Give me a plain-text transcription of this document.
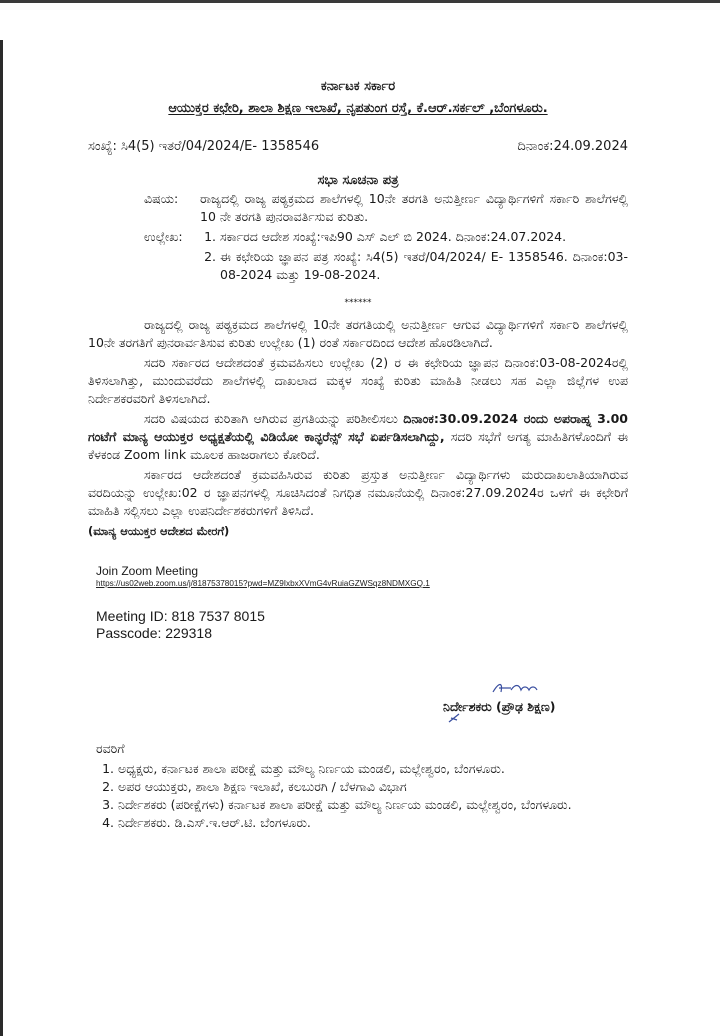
ಕರ್ನಾಟಕ ಸರ್ಕಾರ
ಆಯುಕ್ತರ ಕಛೇರಿ, ಶಾಲಾ ಶಿಕ್ಷಣ ಇಲಾಖೆ, ನೃಪತುಂಗ ರಸ್ತೆ, ಕೆ.ಆರ್.ಸರ್ಕಲ್ ,ಬೆಂಗಳೂರು.
ಸಂಖ್ಯೆ: ಸಿ4(5) ಇತರೆ/04/2024/E- 1358546	ದಿನಾಂಕ:24.09.2024
ಸಭಾ ಸೂಚನಾ ಪತ್ರ
ವಿಷಯ:	ರಾಜ್ಯದಲ್ಲಿ ರಾಜ್ಯ ಪಠ್ಯಕ್ರಮದ ಶಾಲೆಗಳಲ್ಲಿ 10ನೇ ತರಗತಿ ಅನುತ್ತೀರ್ಣ ವಿದ್ಯಾರ್ಥಿಗಳಿಗೆ ಸರ್ಕಾರಿ ಶಾಲೆಗಳಲ್ಲಿ 10 ನೇ ತರಗತಿ ಪುನರಾವರ್ತಿಸುವ ಕುರಿತು.
ಉಲ್ಲೇಖ:	1. ಸರ್ಕಾರದ ಆದೇಶ ಸಂಖ್ಯೆ:ಇಪಿ90 ಎಸ್ ಎಲ್ ಬಿ 2024. ದಿನಾಂಕ:24.07.2024.
2. ಈ ಕಛೇರಿಯ ಜ್ಞಾಪನ ಪತ್ರ ಸಂಖ್ಯೆ: ಸಿ4(5) ಇತರೆ/04/2024/ E- 1358546. ದಿನಾಂಕ:03-08-2024 ಮತ್ತು 19-08-2024.
******

ರಾಜ್ಯದಲ್ಲಿ ರಾಜ್ಯ ಪಠ್ಯಕ್ರಮದ ಶಾಲೆಗಳಲ್ಲಿ 10ನೇ ತರಗತಿಯಲ್ಲಿ ಅನುತ್ತೀರ್ಣ ಆಗುವ ವಿದ್ಯಾರ್ಥಿಗಳಿಗೆ ಸರ್ಕಾರಿ ಶಾಲೆಗಳಲ್ಲಿ 10ನೇ ತರಗತಿಗೆ ಪುನರಾರ್ವತಿಸುವ ಕುರಿತು ಉಲ್ಲೇಖ (1) ರಂತೆ ಸರ್ಕಾರದಿಂದ ಆದೇಶ ಹೊರಡಿಲಾಗಿದೆ.

ಸದರಿ ಸರ್ಕಾರದ ಆದೇಶದಂತೆ ಕ್ರಮವಹಿಸಲು ಉಲ್ಲೇಖ (2) ರ ಈ ಕಛೇರಿಯ ಜ್ಞಾಪನ ದಿನಾಂಕ:03-08-2024ರಲ್ಲಿ ತಿಳಿಸಲಾಗಿತ್ತು, ಮುಂದುವರೆದು ಶಾಲೆಗಳಲ್ಲಿ ದಾಖಲಾದ ಮಕ್ಕಳ ಸಂಖ್ಯೆ ಕುರಿತು ಮಾಹಿತಿ ನೀಡಲು ಸಹ ಎಲ್ಲಾ ಜಿಲ್ಲೆಗಳ ಉಪ ನಿರ್ದೇಶಕರವರಿಗೆ ತಿಳಿಸಲಾಗಿದೆ.

ಸದರಿ ವಿಷಯದ ಕುರಿತಾಗಿ ಆಗಿರುವ ಪ್ರಗತಿಯನ್ನು ಪರಿಶೀಲಿಸಲು ದಿನಾಂಕ:30.09.2024 ರಂದು ಅಪರಾಹ್ನ 3.00 ಗಂಟೆಗೆ ಮಾನ್ಯ ಆಯುಕ್ತರ ಅಧ್ಯಕ್ಷತೆಯಲ್ಲಿ ವಿಡಿಯೋ ಕಾನ್ಫರೆನ್ಸ್ ಸಭೆ ಏರ್ಪಡಿಸಲಾಗಿದ್ದು, ಸದರಿ ಸಭೆಗೆ ಅಗತ್ಯ ಮಾಹಿತಿಗಳೊಂದಿಗೆ ಈ ಕೆಳಕಂಡ Zoom link ಮೂಲಕ ಹಾಜರಾಗಲು ಕೋರಿದೆ.

ಸರ್ಕಾರದ ಆದೇಶದಂತೆ ಕ್ರಮವಹಿಸಿರುವ ಕುರಿತು ಪ್ರಸ್ತುತ ಅನುತ್ತೀರ್ಣ ವಿದ್ಯಾರ್ಥಿಗಳು ಮರುದಾಖಲಾತಿಯಾಗಿರುವ ವರದಿಯನ್ನು ಉಲ್ಲೇಖ:02 ರ ಜ್ಞಾಪನಗಳಲ್ಲಿ ಸೂಚಿಸಿದಂತೆ ನಿಗಧಿತ ನಮೂನೆಯಲ್ಲಿ ದಿನಾಂಕ:27.09.2024ರ ಒಳಗೆ ಈ ಕಛೇರಿಗೆ ಮಾಹಿತಿ ಸಲ್ಲಿಸಲು ಎಲ್ಲಾ ಉಪನಿರ್ದೇಶಕರುಗಳಿಗೆ ತಿಳಿಸಿದೆ.

(ಮಾನ್ಯ ಆಯುಕ್ತರ ಆದೇಶದ ಮೇರಗೆ)
Join Zoom Meeting
https://us02web.zoom.us/j/81875378015?pwd=MZ9IxbxXVmG4vRuiaGZWSqz8NDMXGQ.1
Meeting ID: 818 7537 8015
Passcode: 229318
ನಿರ್ದೇಶಕರು (ಪ್ರೌಢ ಶಿಕ್ಷಣ)
ರವರಿಗೆ
1. ಅಧ್ಯಕ್ಷರು, ಕರ್ನಾಟಕ ಶಾಲಾ ಪರೀಕ್ಷೆ ಮತ್ತು ಮೌಲ್ಯ ನಿರ್ಣಯ ಮಂಡಲಿ, ಮಲ್ಲೇಶ್ವರಂ, ಬೆಂಗಳೂರು.
2. ಅಪರ ಆಯುಕ್ತರು, ಶಾಲಾ ಶಿಕ್ಷಣ ಇಲಾಖೆ, ಕಲಬುರಗಿ / ಬೆಳಗಾವಿ ವಿಭಾಗ
3. ನಿರ್ದೇಶಕರು (ಪರೀಕ್ಷೆಗಳು) ಕರ್ನಾಟಕ ಶಾಲಾ ಪರೀಕ್ಷೆ ಮತ್ತು ಮೌಲ್ಯ ನಿರ್ಣಯ ಮಂಡಲಿ, ಮಲ್ಲೇಶ್ವರಂ, ಬೆಂಗಳೂರು.
4. ನಿರ್ದೇಶಕರು. ಡಿ.ಎಸ್.ಇ.ಆರ್.ಟಿ. ಬೆಂಗಳೂರು.
